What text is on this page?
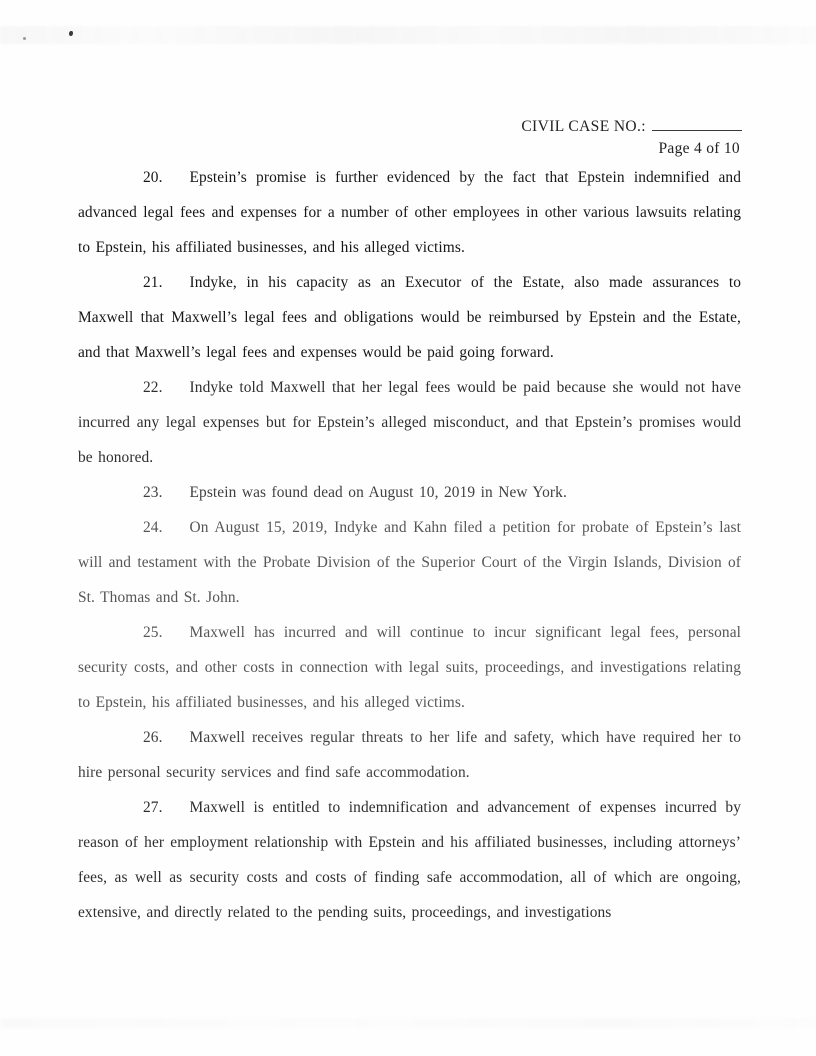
CIVIL CASE NO.:
Page 4 of 10

20. Epstein’s promise is further evidenced by the fact that Epstein indemnified and advanced legal fees and expenses for a number of other employees in other various lawsuits relating to Epstein, his affiliated businesses, and his alleged victims.

21. Indyke, in his capacity as an Executor of the Estate, also made assurances to Maxwell that Maxwell’s legal fees and obligations would be reimbursed by Epstein and the Estate, and that Maxwell’s legal fees and expenses would be paid going forward.

22. Indyke told Maxwell that her legal fees would be paid because she would not have incurred any legal expenses but for Epstein’s alleged misconduct, and that Epstein’s promises would be honored.

23. Epstein was found dead on August 10, 2019 in New York.

24. On August 15, 2019, Indyke and Kahn filed a petition for probate of Epstein’s last will and testament with the Probate Division of the Superior Court of the Virgin Islands, Division of St. Thomas and St. John.

25. Maxwell has incurred and will continue to incur significant legal fees, personal security costs, and other costs in connection with legal suits, proceedings, and investigations relating to Epstein, his affiliated businesses, and his alleged victims.

26. Maxwell receives regular threats to her life and safety, which have required her to hire personal security services and find safe accommodation.

27. Maxwell is entitled to indemnification and advancement of expenses incurred by reason of her employment relationship with Epstein and his affiliated businesses, including attorneys’ fees, as well as security costs and costs of finding safe accommodation, all of which are ongoing, extensive, and directly related to the pending suits, proceedings, and investigations
